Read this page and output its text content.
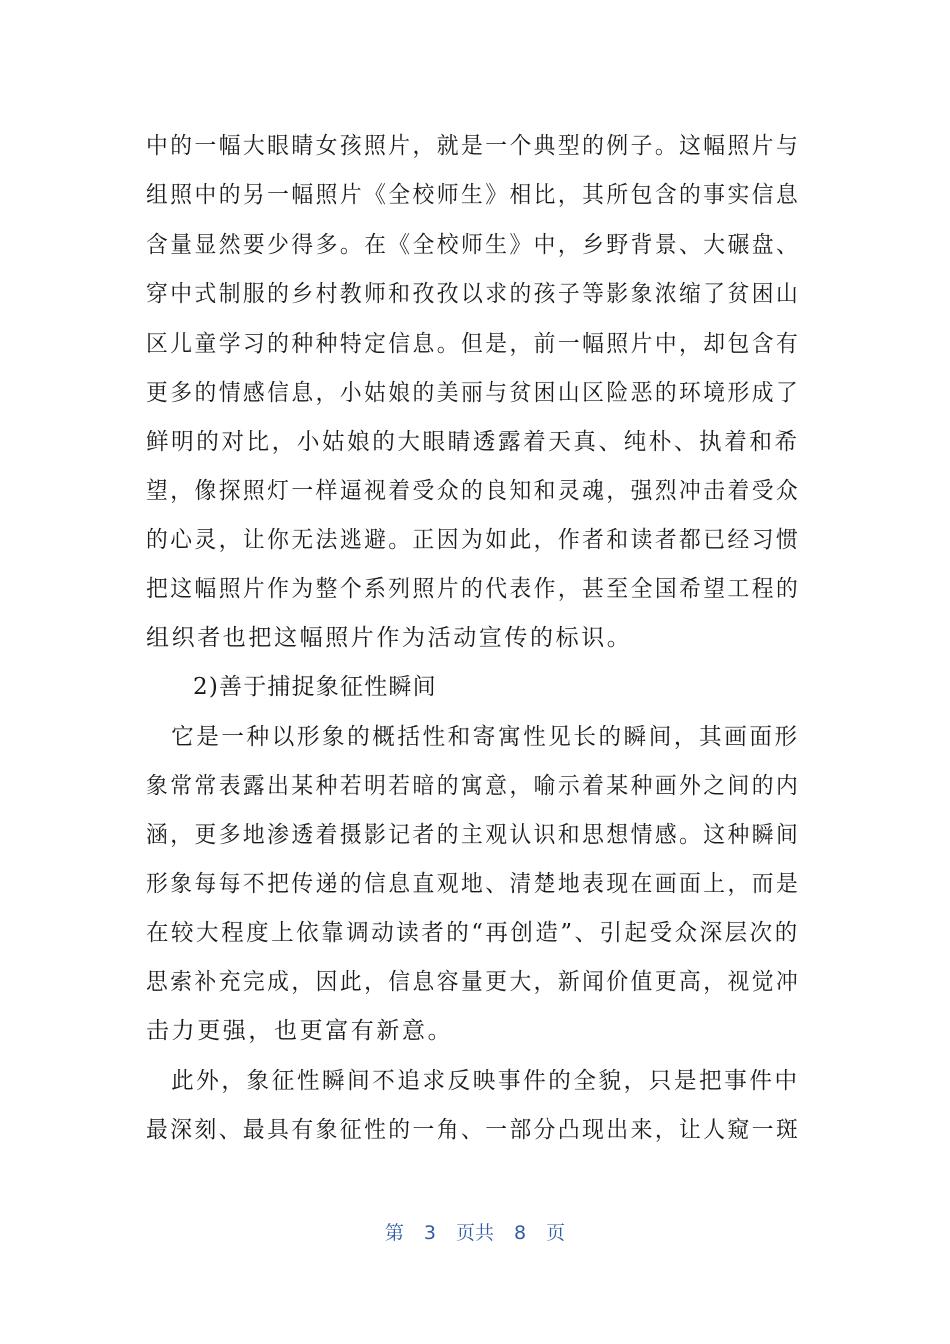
中的一幅大眼睛女孩照片，就是一个典型的例子。这幅照片与
组照中的另一幅照片《全校师生》相比，其所包含的事实信息
含量显然要少得多。在《全校师生》中，乡野背景、大碾盘、
穿中式制服的乡村教师和孜孜以求的孩子等影象浓缩了贫困山
区儿童学习的种种特定信息。但是，前一幅照片中，却包含有
更多的情感信息，小姑娘的美丽与贫困山区险恶的环境形成了
鲜明的对比，小姑娘的大眼睛透露着天真、纯朴、执着和希
望，像探照灯一样逼视着受众的良知和灵魂，强烈冲击着受众
的心灵，让你无法逃避。正因为如此，作者和读者都已经习惯
把这幅照片作为整个系列照片的代表作，甚至全国希望工程的
组织者也把这幅照片作为活动宣传的标识。
2)善于捕捉象征性瞬间
　它是一种以形象的概括性和寄寓性见长的瞬间，其画面形
象常常表露出某种若明若暗的寓意，喻示着某种画外之间的内
涵，更多地渗透着摄影记者的主观认识和思想情感。这种瞬间
形象每每不把传递的信息直观地、清楚地表现在画面上，而是
在较大程度上依靠调动读者的“再创造”、引起受众深层次的
思索补充完成，因此，信息容量更大，新闻价值更高，视觉冲
击力更强，也更富有新意。
　此外，象征性瞬间不追求反映事件的全貌，只是把事件中
最深刻、最具有象征性的一角、一部分凸现出来，让人窥一斑
第 3 页共 8 页
